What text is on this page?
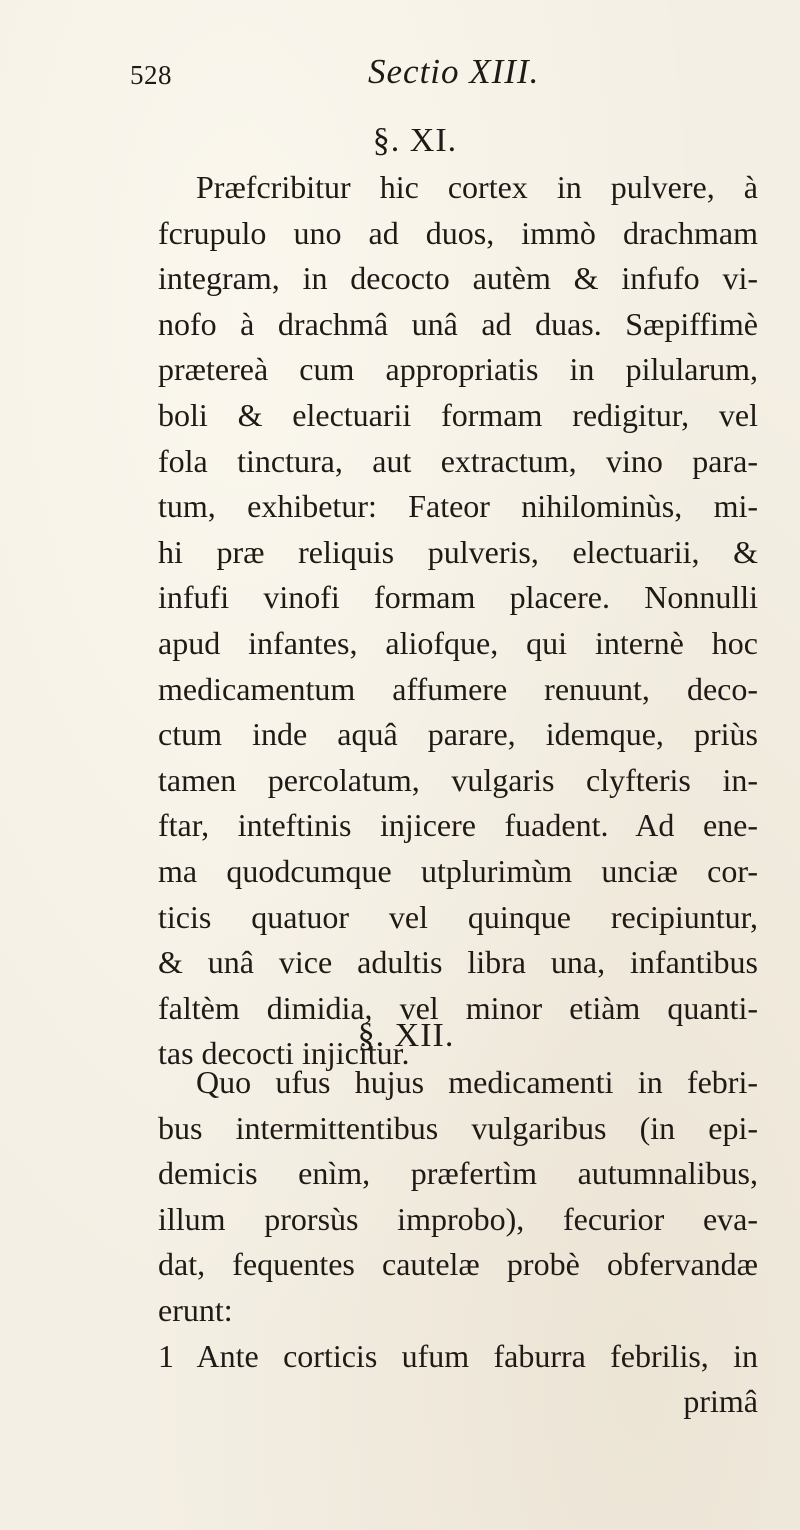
528	Sectio XIII.
§. XI.
Præfcribitur hic cortex in pulvere, à
fcrupulo uno ad duos, immò drachmam
integram, in decocto autèm & infufo vi-
nofo à drachmâ unâ ad duas. Sæpiffimè
prætereà cum appropriatis in pilularum,
boli & electuarii formam redigitur, vel
fola tinctura, aut extractum, vino para-
tum, exhibetur: Fateor nihilominùs, mi-
hi præ reliquis pulveris, electuarii, &
infufi vinofi formam placere. Nonnulli
apud infantes, aliofque, qui internè hoc
medicamentum affumere renuunt, deco-
ctum inde aquâ parare, idemque, priùs
tamen percolatum, vulgaris clyfteris in-
ftar, inteftinis injicere fuadent. Ad ene-
ma quodcumque utplurimùm unciæ cor-
ticis quatuor vel quinque recipiuntur,
& unâ vice adultis libra una, infantibus
faltèm dimidia, vel minor etiàm quanti-
tas decocti injicitur.
§. XII.
Quo ufus hujus medicamenti in febri-
bus intermittentibus vulgaribus (in epi-
demicis enìm, præfertìm autumnalibus,
illum prorsùs improbo), fecurior eva-
dat, fequentes cautelæ probè obfervandæ
erunt:
1 Ante corticis ufum faburra febrilis, in
primâ
